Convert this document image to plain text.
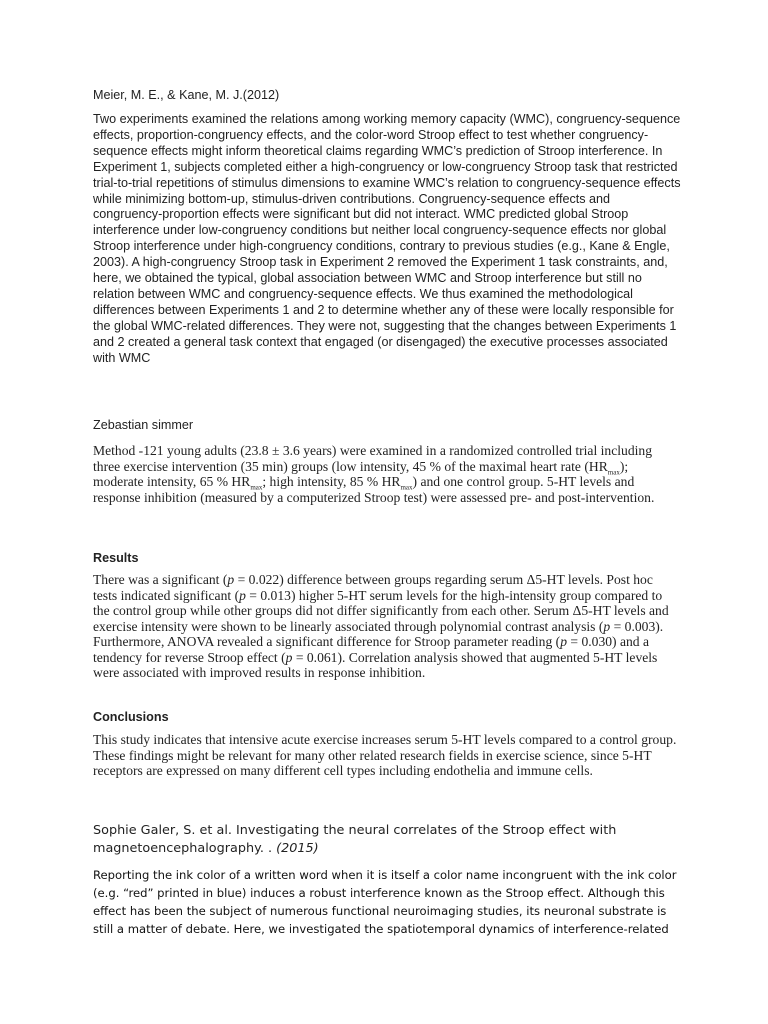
Meier, M. E., & Kane, M. J.(2012)

Two experiments examined the relations among working memory capacity (WMC), congruency-sequence effects, proportion-congruency effects, and the color-word Stroop effect to test whether congruency-sequence effects might inform theoretical claims regarding WMC’s prediction of Stroop interference. In Experiment 1, subjects completed either a high-congruency or low-congruency Stroop task that restricted trial-to-trial repetitions of stimulus dimensions to examine WMC’s relation to congruency-sequence effects while minimizing bottom-up, stimulus-driven contributions. Congruency-sequence effects and congruency-proportion effects were significant but did not interact. WMC predicted global Stroop interference under low-congruency conditions but neither local congruency-sequence effects nor global Stroop interference under high-congruency conditions, contrary to previous studies (e.g., Kane & Engle, 2003). A high-congruency Stroop task in Experiment 2 removed the Experiment 1 task constraints, and, here, we obtained the typical, global association between WMC and Stroop interference but still no relation between WMC and congruency-sequence effects. We thus examined the methodological differences between Experiments 1 and 2 to determine whether any of these were locally responsible for the global WMC-related differences. They were not, suggesting that the changes between Experiments 1 and 2 created a general task context that engaged (or disengaged) the executive processes associated with WMC

Zebastian simmer

Method -121 young adults (23.8 ± 3.6 years) were examined in a randomized controlled trial including three exercise intervention (35 min) groups (low intensity, 45 % of the maximal heart rate $(HR_{max})$; moderate intensity, 65 % $HR_{max}$; high intensity, 85 % $HR_{max}$) and one control group. 5-HT levels and response inhibition (measured by a computerized Stroop test) were assessed pre- and post-intervention.

Results

There was a significant (p = 0.022) difference between groups regarding serum Δ5-HT levels. Post hoc tests indicated significant (p = 0.013) higher 5-HT serum levels for the high-intensity group compared to the control group while other groups did not differ significantly from each other. Serum Δ5-HT levels and exercise intensity were shown to be linearly associated through polynomial contrast analysis (p = 0.003). Furthermore, ANOVA revealed a significant difference for Stroop parameter reading (p = 0.030) and a tendency for reverse Stroop effect (p = 0.061). Correlation analysis showed that augmented 5-HT levels were associated with improved results in response inhibition.

Conclusions

This study indicates that intensive acute exercise increases serum 5-HT levels compared to a control group. These findings might be relevant for many other related research fields in exercise science, since 5-HT receptors are expressed on many different cell types including endothelia and immune cells.

Sophie Galer, S. et al. Investigating the neural correlates of the Stroop effect with magnetoencephalography. . (2015)

Reporting the ink color of a written word when it is itself a color name incongruent with the ink color (e.g. “red” printed in blue) induces a robust interference known as the Stroop effect. Although this effect has been the subject of numerous functional neuroimaging studies, its neuronal substrate is still a matter of debate. Here, we investigated the spatiotemporal dynamics of interference-related
